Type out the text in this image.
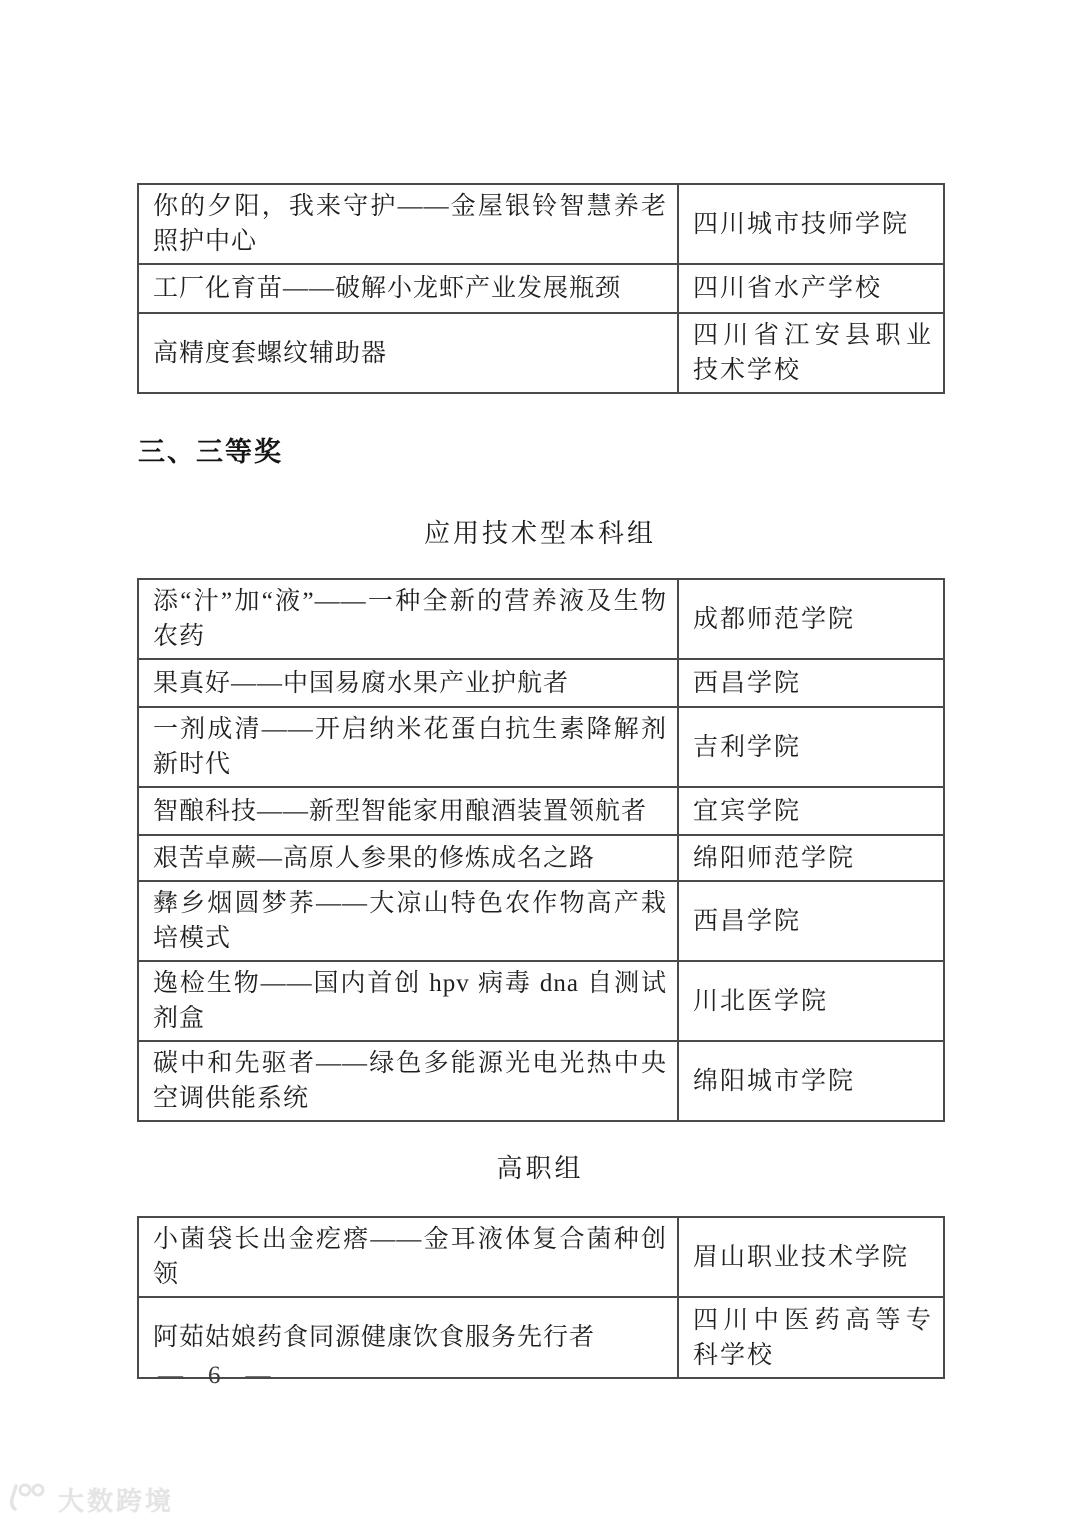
你的夕阳，我来守护——金屋银铃智慧养老照护中心	四川城市技师学院
工厂化育苗——破解小龙虾产业发展瓶颈	四川省水产学校
高精度套螺纹辅助器	四川省江安县职业技术学校
三、三等奖
应用技术型本科组
添“汁”加“液”——一种全新的营养液及生物农药	成都师范学院
果真好——中国易腐水果产业护航者	西昌学院
一剂成清——开启纳米花蛋白抗生素降解剂新时代	吉利学院
智酿科技——新型智能家用酿酒装置领航者	宜宾学院
艰苦卓蕨—高原人参果的修炼成名之路	绵阳师范学院
彝乡烟圆梦荞——大凉山特色农作物高产栽培模式	西昌学院
逸检生物——国内首创 hpv 病毒 dna 自测试剂盒	川北医学院
碳中和先驱者——绿色多能源光电光热中央空调供能系统	绵阳城市学院
高职组
小菌袋长出金疙瘩——金耳液体复合菌种创领	眉山职业技术学院
阿茹姑娘药食同源健康饮食服务先行者	四川中医药高等专科学校
— 6 —
大数跨境
